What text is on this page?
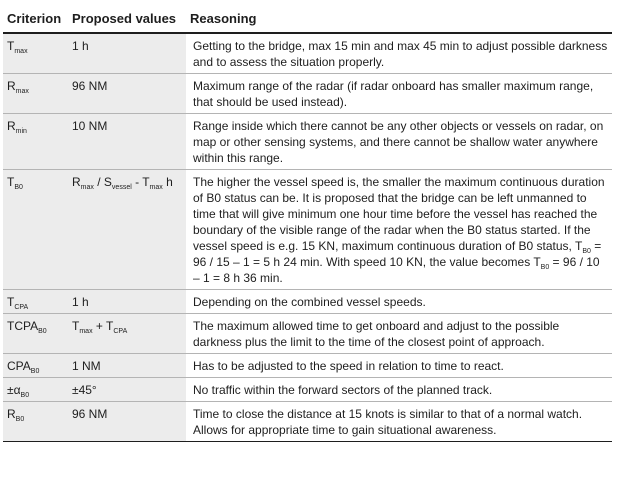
Criterion	Proposed values	Reasoning
$T_{max}$	1 h	Getting to the bridge, max 15 min and max 45 min to adjust possible darkness and to assess the situation properly.
$R_{max}$	96 NM	Maximum range of the radar (if radar onboard has smaller maximum range, that should be used instead).
$R_{min}$	10 NM	Range inside which there cannot be any other objects or vessels on radar, on map or other sensing systems, and there cannot be shallow water anywhere within this range.
$T_{B0}$	$R_{max} / S_{vessel} - T_{max}$ h	The higher the vessel speed is, the smaller the maximum continuous duration of B0 status can be. It is proposed that the bridge can be left unmanned to time that will give minimum one hour time before the vessel has reached the boundary of the visible range of the radar when the B0 status started. If the vessel speed is e.g. 15 KN, maximum continuous duration of B0 status, $T_{B0} = 96 / 15 - 1 = 5$ h 24 min. With speed 10 KN, the value becomes $T_{B0} = 96 / 10 - 1 = 8$ h 36 min.
$T_{CPA}$	1 h	Depending on the combined vessel speeds.
$TCPA_{B0}$	$T_{max} + T_{CPA}$	The maximum allowed time to get onboard and adjust to the possible darkness plus the limit to the time of the closest point of approach.
$CPA_{B0}$	1 NM	Has to be adjusted to the speed in relation to time to react.
$\pm\alpha_{B0}$	±45°	No traffic within the forward sectors of the planned track.
$R_{B0}$	96 NM	Time to close the distance at 15 knots is similar to that of a normal watch. Allows for appropriate time to gain situational awareness.
